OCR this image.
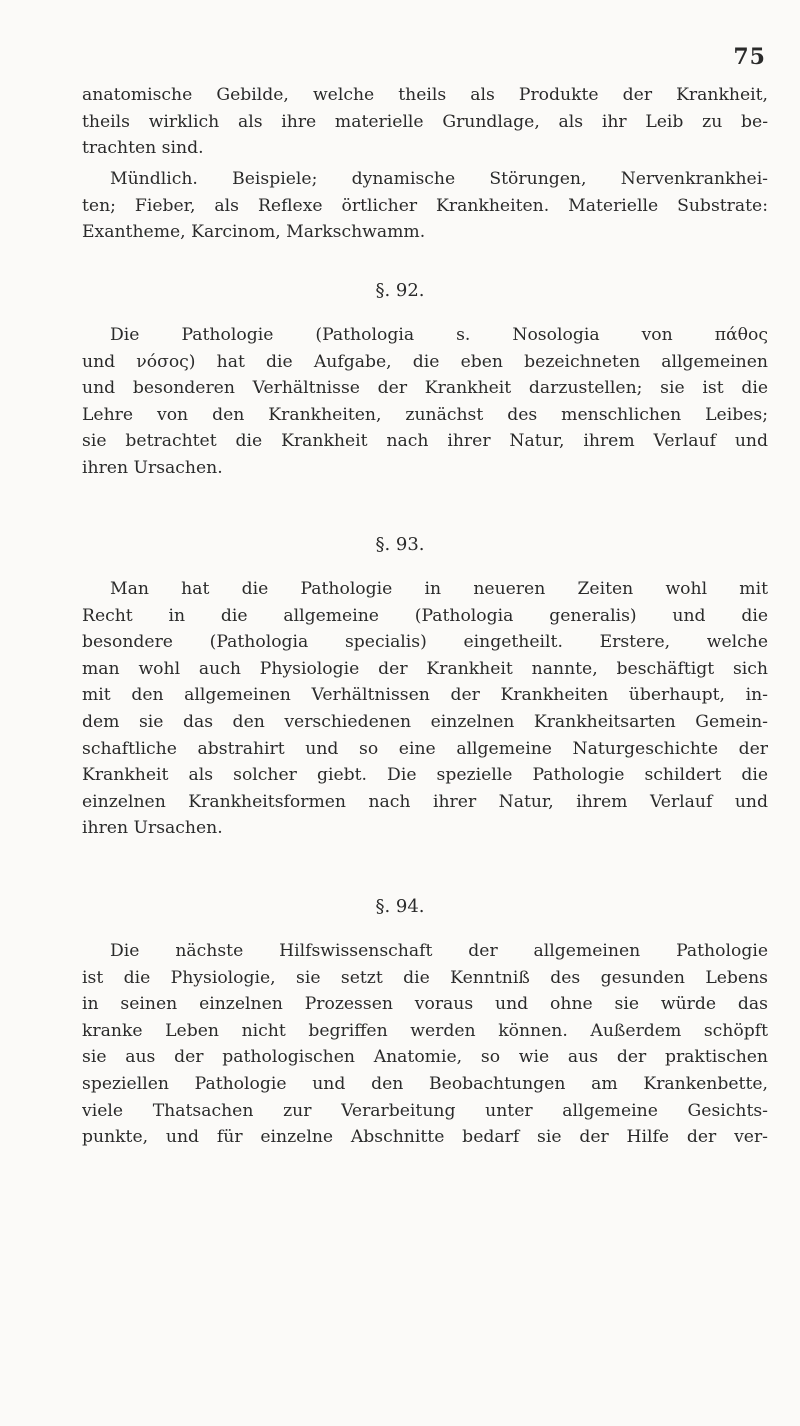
75
anatomische Gebilde, welche theils als Produkte der Krankheit,
theils wirklich als ihre materielle Grundlage, als ihr Leib zu be-
trachten sind.
Mündlich. Beispiele; dynamische Störungen, Nervenkrankhei-
ten; Fieber, als Reflexe örtlicher Krankheiten. Materielle Substrate:
Exantheme, Karcinom, Markschwamm.
§. 92.
Die Pathologie (Pathologia s. Nosologia von πάθος
und νόσος) hat die Aufgabe, die eben bezeichneten allgemeinen
und besonderen Verhältnisse der Krankheit darzustellen; sie ist die
Lehre von den Krankheiten, zunächst des menschlichen Leibes;
sie betrachtet die Krankheit nach ihrer Natur, ihrem Verlauf und
ihren Ursachen.
§. 93.
Man hat die Pathologie in neueren Zeiten wohl mit
Recht in die allgemeine (Pathologia generalis) und die
besondere (Pathologia specialis) eingetheilt. Erstere, welche
man wohl auch Physiologie der Krankheit nannte, beschäftigt sich
mit den allgemeinen Verhältnissen der Krankheiten überhaupt, in-
dem sie das den verschiedenen einzelnen Krankheitsarten Gemein-
schaftliche abstrahirt und so eine allgemeine Naturgeschichte der
Krankheit als solcher giebt. Die spezielle Pathologie schildert die
einzelnen Krankheitsformen nach ihrer Natur, ihrem Verlauf und
ihren Ursachen.
§. 94.
Die nächste Hilfswissenschaft der allgemeinen Pathologie
ist die Physiologie, sie setzt die Kenntniß des gesunden Lebens
in seinen einzelnen Prozessen voraus und ohne sie würde das
kranke Leben nicht begriffen werden können. Außerdem schöpft
sie aus der pathologischen Anatomie, so wie aus der praktischen
speziellen Pathologie und den Beobachtungen am Krankenbette,
viele Thatsachen zur Verarbeitung unter allgemeine Gesichts-
punkte, und für einzelne Abschnitte bedarf sie der Hilfe der ver-
